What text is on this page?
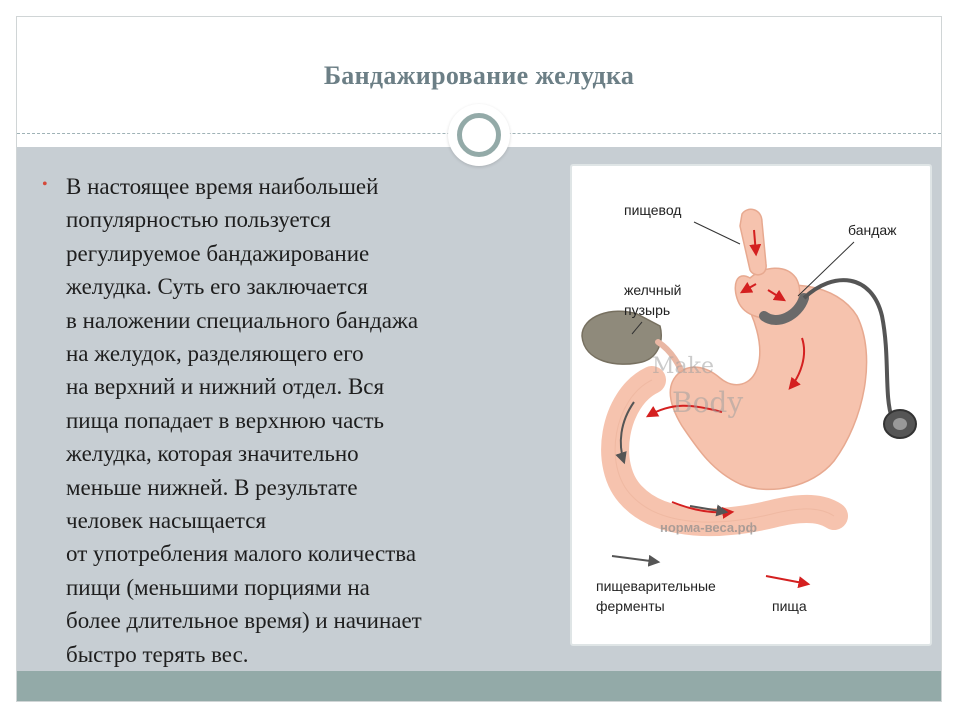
Бандажирование желудка
• В настоящее время наибольшей
популярностью пользуется
регулируемое бандажирование
желудка. Суть его заключается
в наложении специального бандажа
на желудок, разделяющего его
на верхний и нижний отдел. Вся
пища попадает в верхнюю часть
желудка, которая значительно
меньше нижней. В результате
человек насыщается
от употребления малого количества
пищи (меньшими порциями на
более длительное время) и начинает
быстро терять вес.
пищевод
бандаж
желчный
пузырь
пищеварительные
ферменты	пища
Make
Body
норма-веса.рф
